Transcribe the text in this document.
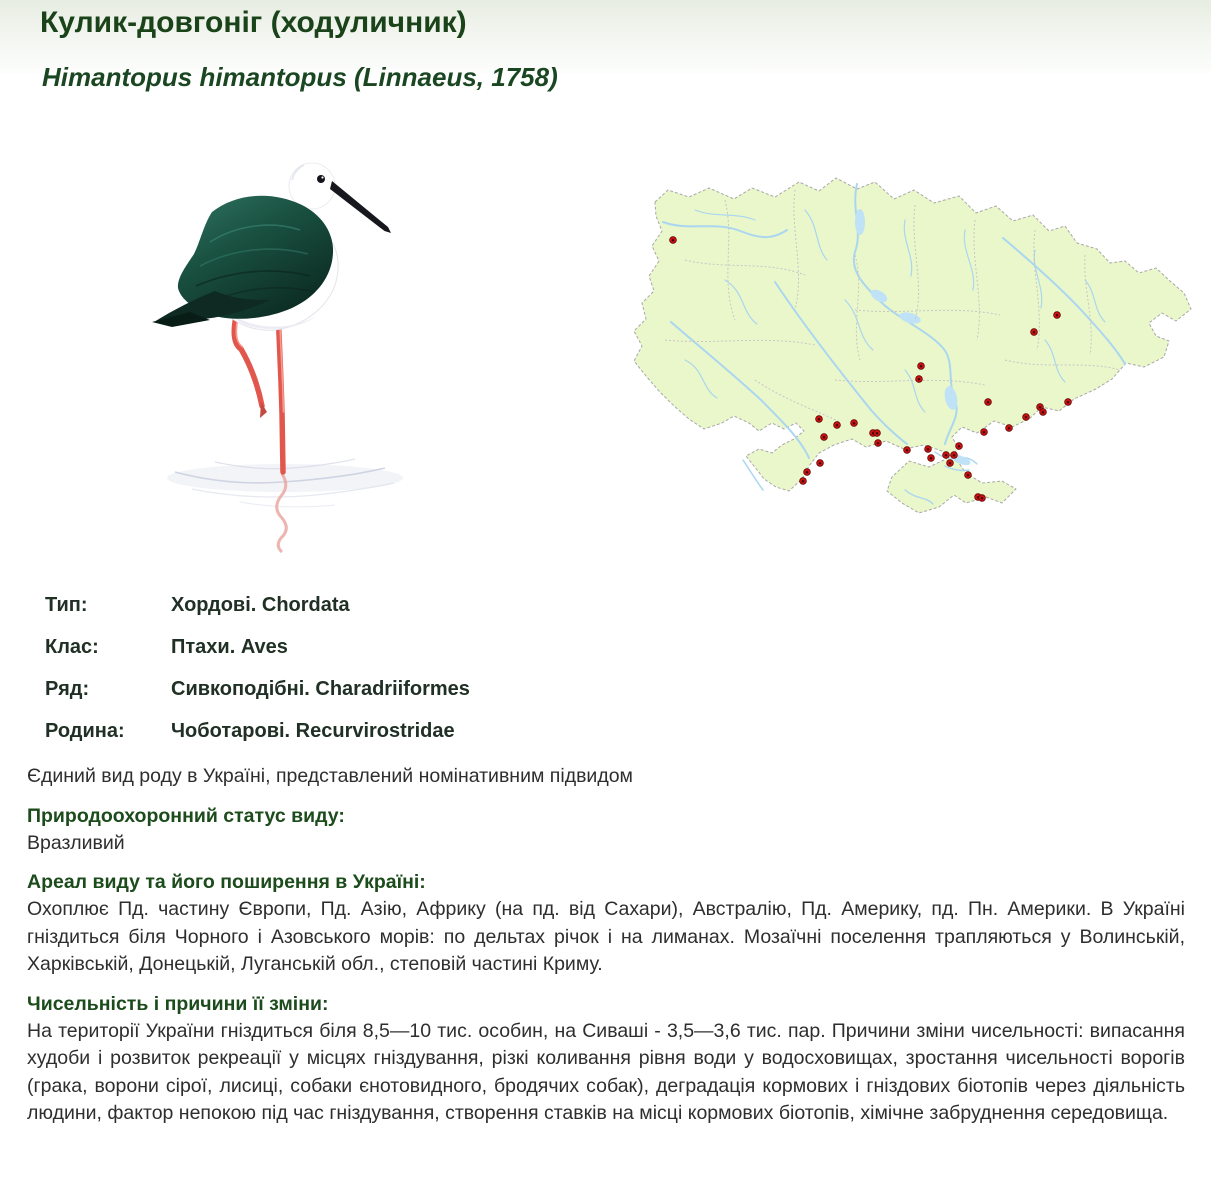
Кулик-довгоніг (ходуличник)
Himantopus himantopus (Linnaeus, 1758)
Тип:	Хордові. Chordata
Клас:	Птахи. Aves
Ряд:	Сивкоподібні. Charadriiformes
Родина:	Чоботарові. Recurvirostridae

Єдиний вид роду в Україні, представлений номінативним підвидом

Природоохоронний статус виду:

Вразливий

Ареал виду та його поширення в Україні:

Охоплює Пд. частину Європи, Пд. Азію, Африку (на пд. від Сахари), Австралію, Пд. Америку, пд. Пн. Америки. В Україні гніздиться біля Чорного і Азовського морів: по дельтах річок і на лиманах. Мозаїчні поселення трапляються у Волинській, Харківській, Донецькій, Луганській обл., степовій частині Криму.

Чисельність і причини її зміни:

На території України гніздиться біля 8,5—10 тис. особин, на Сиваші - 3,5—3,6 тис. пар. Причини зміни чисельності: випасання худоби і розвиток рекреації у місцях гніздування, різкі коливання рівня води у водосховищах, зростання чисельності ворогів (грака, ворони сірої, лисиці, собаки єнотовидного, бродячих собак), деградація кормових і гніздових біотопів через діяльність людини, фактор непокою під час гніздування, створення ставків на місці кормових біотопів, хімічне забруднення середовища.
